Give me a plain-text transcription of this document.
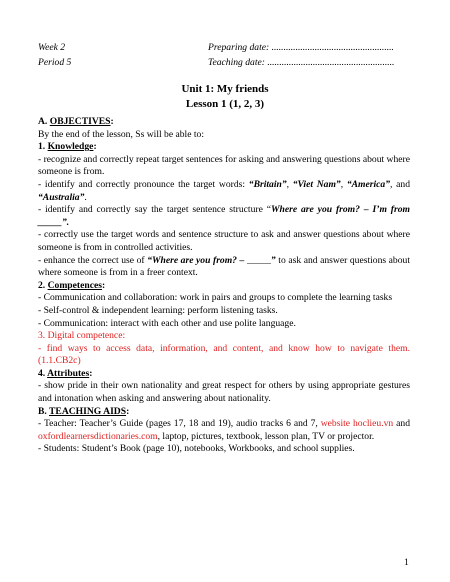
Week 2	Preparing date: ...................................................
Period 5	Teaching date: .....................................................
Unit 1: My friends
Lesson 1 (1, 2, 3)

A. OBJECTIVES:

By the end of the lesson, Ss will be able to:

1. Knowledge:

- recognize and correctly repeat target sentences for asking and answering questions about where someone is from.

- identify and correctly pronounce the target words: “Britain”, “Viet Nam”, “America”, and “Australia”.

- identify and correctly say the target sentence structure “Where are you from? – I’m from _____”.

- correctly use the target words and sentence structure to ask and answer questions about where someone is from in controlled activities.

- enhance the correct use of “Where are you from? – _____” to ask and answer questions about where someone is from in a freer context.

2. Competences:

- Communication and collaboration: work in pairs and groups to complete the learning tasks

- Self-control & independent learning: perform listening tasks.

- Communication: interact with each other and use polite language.

3. Digital competence:

- find ways to access data, information, and content, and know how to navigate them. (1.1.CB2c)

4. Attributes:

- show pride in their own nationality and great respect for others by using appropriate gestures and intonation when asking and answering about nationality.

B. TEACHING AIDS:

- Teacher: Teacher’s Guide (pages 17, 18 and 19), audio tracks 6 and 7, website hoclieu.vn and oxfordlearnersdictionaries.com, laptop, pictures, textbook, lesson plan, TV or projector.

- Students: Student’s Book (page 10), notebooks, Workbooks, and school supplies.

1
